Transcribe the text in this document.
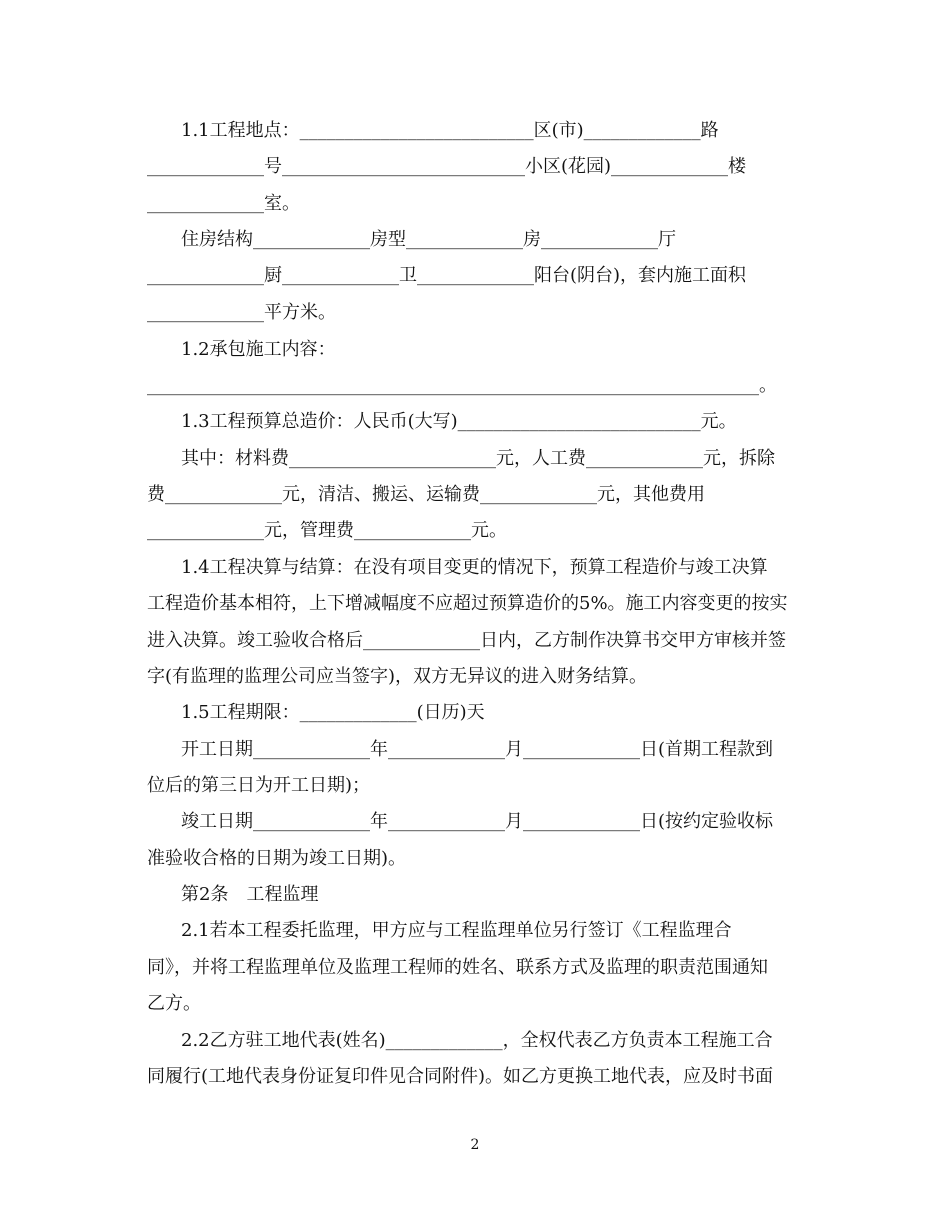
1.1工程地点：__________________________区(市)_____________路
_____________号___________________________小区(花园)_____________楼
_____________室。
住房结构_____________房型_____________房_____________厅
_____________厨_____________卫_____________阳台(阴台)，套内施工面积
_____________平方米。
1.2承包施工内容：
____________________________________________________________________。
1.3工程预算总造价：人民币(大写)___________________________元。
其中：材料费_______________________元，人工费_____________元，拆除
费_____________元，清洁、搬运、运输费_____________元，其他费用
_____________元，管理费_____________元。
1.4工程决算与结算：在没有项目变更的情况下，预算工程造价与竣工决算
工程造价基本相符，上下增减幅度不应超过预算造价的5%。施工内容变更的按实
进入决算。竣工验收合格后_____________日内，乙方制作决算书交甲方审核并签
字(有监理的监理公司应当签字)，双方无异议的进入财务结算。
1.5工程期限：_____________(日历)天
开工日期_____________年_____________月_____________日(首期工程款到
位后的第三日为开工日期)；
竣工日期_____________年_____________月_____________日(按约定验收标
准验收合格的日期为竣工日期)。
第2条　工程监理
2.1若本工程委托监理，甲方应与工程监理单位另行签订《工程监理合
同》，并将工程监理单位及监理工程师的姓名、联系方式及监理的职责范围通知
乙方。
2.2乙方驻工地代表(姓名)_____________，全权代表乙方负责本工程施工合
同履行(工地代表身份证复印件见合同附件)。如乙方更换工地代表，应及时书面
2
